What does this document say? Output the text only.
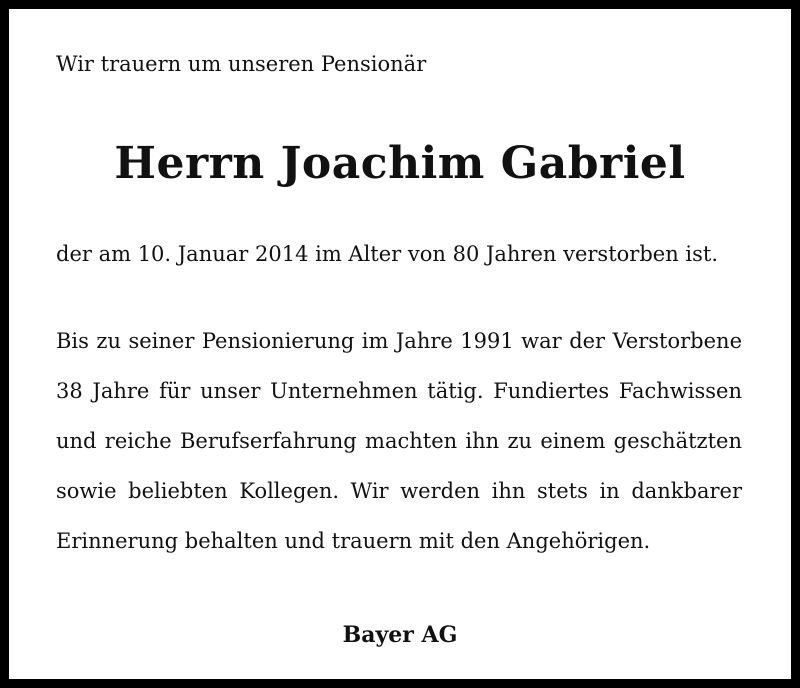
Wir trauern um unseren Pensionär
Herrn Joachim Gabriel
der am 10. Januar 2014 im Alter von 80 Jahren verstorben ist.
Bis zu seiner Pensionierung im Jahre 1991 war der Verstorbene
38 Jahre für unser Unternehmen tätig. Fundiertes Fachwissen
und reiche Berufserfahrung machten ihn zu einem geschätzten
sowie beliebten Kollegen. Wir werden ihn stets in dankbarer
Erinnerung behalten und trauern mit den Angehörigen.
Bayer AG
